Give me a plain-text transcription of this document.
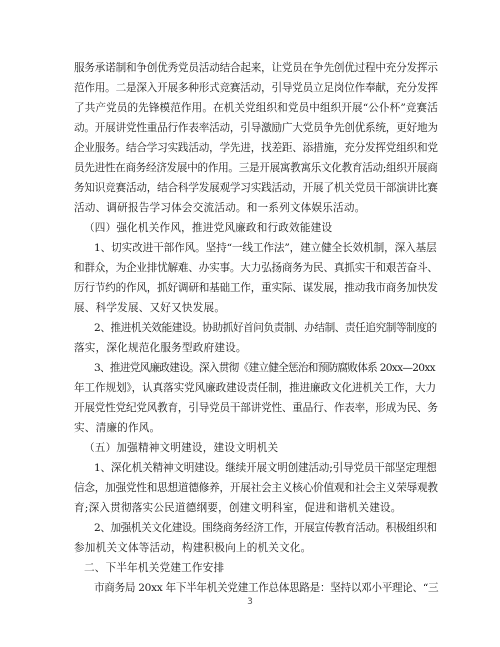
服务承诺制和争创优秀党员活动结合起来，让党员在争先创优过程中充分发挥示
范作用。二是深入开展多种形式竞赛活动，引导党员立足岗位作奉献，充分发挥
了共产党员的先锋模范作用。在机关党组织和党员中组织开展“公仆杯”竞赛活
动。开展讲党性重品行作表率活动，引导激励广大党员争先创优系统，更好地为
企业服务。结合学习实践活动，学先进，找差距、添措施，充分发挥党组织和党
员先进性在商务经济发展中的作用。三是开展寓教寓乐文化教育活动;组织开展商
务知识竞赛活动，结合科学发展观学习实践活动，开展了机关党员干部演讲比赛
活动、调研报告学习体会交流活动。和一系列文体娱乐活动。
（四）强化机关作风，推进党风廉政和行政效能建设
1、切实改进干部作风。坚持“一线工作法”，建立健全长效机制，深入基层
和群众，为企业排忧解难、办实事。大力弘扬商务为民、真抓实干和艰苦奋斗、
厉行节约的作风，抓好调研和基础工作，重实际、谋发展，推动我市商务加快发
展、科学发展、又好又快发展。
2、推进机关效能建设。协助抓好首问负责制、办结制、责任追究制等制度的
落实，深化规范化服务型政府建设。
3、推进党风廉政建设。深入贯彻《建立健全惩治和预防腐败体系 20xx—20xx
年工作规划》，认真落实党风廉政建设责任制，推进廉政文化进机关工作，大力
开展党性党纪党风教育，引导党员干部讲党性、重品行、作表率，形成为民、务
实、清廉的作风。
（五）加强精神文明建设，建设文明机关
1、深化机关精神文明建设。继续开展文明创建活动;引导党员干部坚定理想
信念，加强党性和思想道德修养，开展社会主义核心价值观和社会主义荣辱观教
育;深入贯彻落实公民道德纲要，创建文明科室，促进和谐机关建设。
2、加强机关文化建设。围绕商务经济工作，开展宣传教育活动。积极组织和
参加机关文体等活动，构建积极向上的机关文化。
二、下半年机关党建工作安排
市商务局 20xx 年下半年机关党建工作总体思路是：坚持以邓小平理论、“三
3
